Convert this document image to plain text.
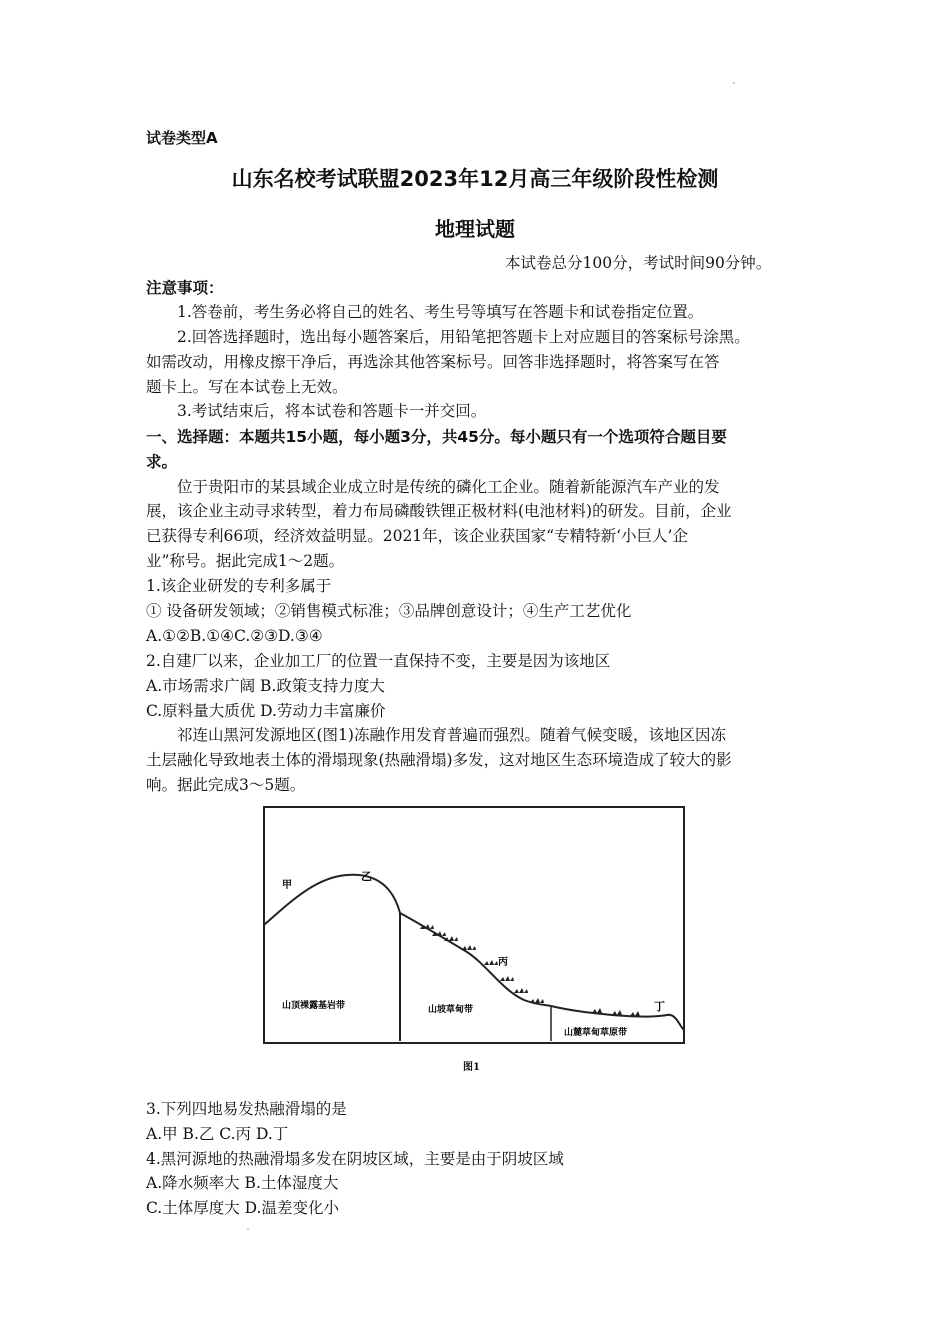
试卷类型A
山东名校考试联盟2023年12月高三年级阶段性检测
地理试题
本试卷总分100分，考试时间90分钟。
注意事项：
1.答卷前，考生务必将自己的姓名、考生号等填写在答题卡和试卷指定位置。
2.回答选择题时，选出每小题答案后，用铅笔把答题卡上对应题目的答案标号涂黑。
如需改动，用橡皮擦干净后，再选涂其他答案标号。回答非选择题时，将答案写在答
题卡上。写在本试卷上无效。
3.考试结束后，将本试卷和答题卡一并交回。
一、选择题：本题共15小题，每小题3分，共45分。每小题只有一个选项符合题目要
求。
位于贵阳市的某县域企业成立时是传统的磷化工企业。随着新能源汽车产业的发
展，该企业主动寻求转型，着力布局磷酸铁锂正极材料(电池材料)的研发。目前，企业
已获得专利66项，经济效益明显。2021年，该企业获国家“专精特新‘小巨人’企
业”称号。据此完成1～2题。
1.该企业研发的专利多属于
① 设备研发领域；②销售模式标准；③品牌创意设计；④生产工艺优化
A.①②B.①④C.②③D.③④
2.自建厂以来，企业加工厂的位置一直保持不变，主要是因为该地区
A.市场需求广阔 B.政策支持力度大
C.原料量大质优 D.劳动力丰富廉价
祁连山黑河发源地区(图1)冻融作用发育普遍而强烈。随着气候变暖，该地区因冻
土层融化导致地表土体的滑塌现象(热融滑塌)多发，这对地区生态环境造成了较大的影
响。据此完成3～5题。
甲
乙
丙
丁
山顶裸露基岩带	山坡草甸带
山麓草甸草原带
图1
3.下列四地易发热融滑塌的是
A.甲 B.乙 C.丙 D.丁
4.黑河源地的热融滑塌多发在阴坡区域，主要是由于阴坡区域
A.降水频率大 B.土体湿度大
C.土体厚度大 D.温差变化小
